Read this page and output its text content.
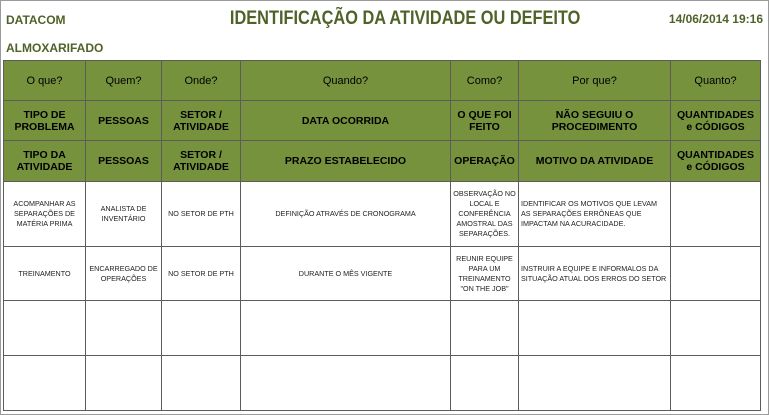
DATACOM
ALMOXARIFADO
IDENTIFICAÇÃO DA ATIVIDADE OU DEFEITO	14/06/2014 19:16
O que?	Quem?	Onde?	Quando?	Como?	Por que?	Quanto?
TIPO DE PROBLEMA	PESSOAS	SETOR / ATIVIDADE	DATA OCORRIDA	O QUE FOI FEITO	NÃO SEGUIU O PROCEDIMENTO	QUANTIDADES e CÓDIGOS
TIPO DA ATIVIDADE	PESSOAS	SETOR / ATIVIDADE	PRAZO ESTABELECIDO	OPERAÇÃO	MOTIVO DA ATIVIDADE	QUANTIDADES e CÓDIGOS
ACOMPANHAR AS SEPARAÇÕES DE MATÉRIA PRIMA	ANALISTA DE INVENTÁRIO	NO SETOR DE PTH	DEFINIÇÃO ATRAVÉS DE CRONOGRAMA	OBSERVAÇÃO NO LOCAL E CONFERÊNCIA AMOSTRAL DAS SEPARAÇÕES.	IDENTIFICAR OS MOTIVOS QUE LEVAM AS SEPARAÇÕES ERRÔNEAS QUE IMPACTAM NA ACURACIDADE.	
TREINAMENTO	ENCARREGADO DE OPERAÇÕES	NO SETOR DE PTH	DURANTE O MÊS VIGENTE	REUNIR EQUIPE PARA UM TREINAMENTO "ON THE JOB"	INSTRUIR A EQUIPE E INFORMALOS DA SITUAÇÃO ATUAL DOS ERROS DO SETOR	
